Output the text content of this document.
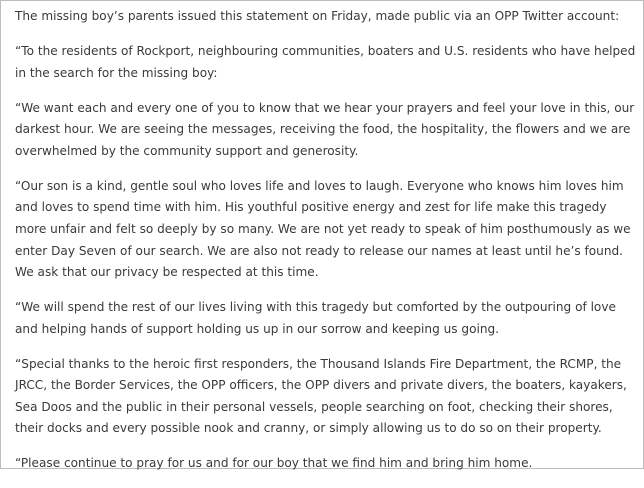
The missing boy’s parents issued this statement on Friday, made public via an OPP Twitter account:

“To the residents of Rockport, neighbouring communities, boaters and U.S. residents who have helped in the search for the missing boy:

“We want each and every one of you to know that we hear your prayers and feel your love in this, our darkest hour. We are seeing the messages, receiving the food, the hospitality, the flowers and we are overwhelmed by the community support and generosity.

“Our son is a kind, gentle soul who loves life and loves to laugh. Everyone who knows him loves him and loves to spend time with him. His youthful positive energy and zest for life make this tragedy more unfair and felt so deeply by so many. We are not yet ready to speak of him posthumously as we enter Day Seven of our search. We are also not ready to release our names at least until he’s found. We ask that our privacy be respected at this time.

“We will spend the rest of our lives living with this tragedy but comforted by the outpouring of love and helping hands of support holding us up in our sorrow and keeping us going.

“Special thanks to the heroic first responders, the Thousand Islands Fire Department, the RCMP, the JRCC, the Border Services, the OPP officers, the OPP divers and private divers, the boaters, kayakers, Sea Doos and the public in their personal vessels, people searching on foot, checking their shores, their docks and every possible nook and cranny, or simply allowing us to do so on their property.

“Please continue to pray for us and for our boy that we find him and bring him home.
